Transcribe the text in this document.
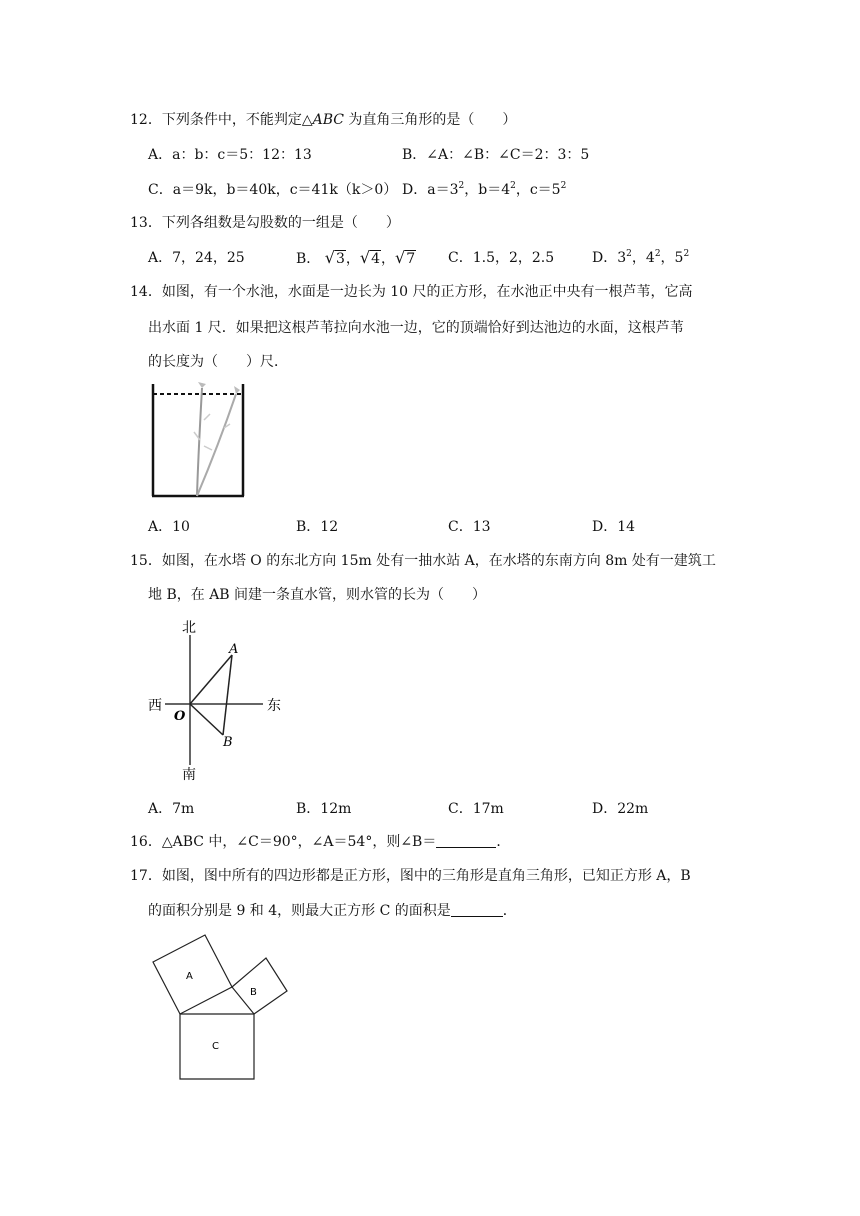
12．下列条件中，不能判定△ABC 为直角三角形的是（　　）
A．a：b：c＝5：12：13	B．∠A：∠B：∠C＝2：3：5
C．a＝9k，b＝40k，c＝41k（k＞0） D．$a=3^2$，$b=4^2$，$c=5^2$
13．下列各组数是勾股数的一组是（　　）
A．7，24，25	B． √3，√4，√7 C．1.5，2，2.5	D．$3^2$，$4^2$，$5^2$
14．如图，有一个水池，水面是一边长为 10 尺的正方形，在水池正中央有一根芦苇，它高
出水面 1 尺．如果把这根芦苇拉向水池一边，它的顶端恰好到达池边的水面，这根芦苇
的长度为（　　）尺．
A．10	B．12	C．13	D．14
15．如图，在水塔 O 的东北方向 15m 处有一抽水站 A，在水塔的东南方向 8m 处有一建筑工
地 B，在 AB 间建一条直水管，则水管的长为（　　）
北
南
西	东
O
A
B
A．7m	B．12m	C．17m	D．22m
16．△ABC 中，∠C＝90°，∠A＝54°，则∠B＝	．
17．如图，图中所有的四边形都是正方形，图中的三角形是直角三角形，已知正方形 A，B
的面积分别是 9 和 4，则最大正方形 C 的面积是	．
A
B
C
